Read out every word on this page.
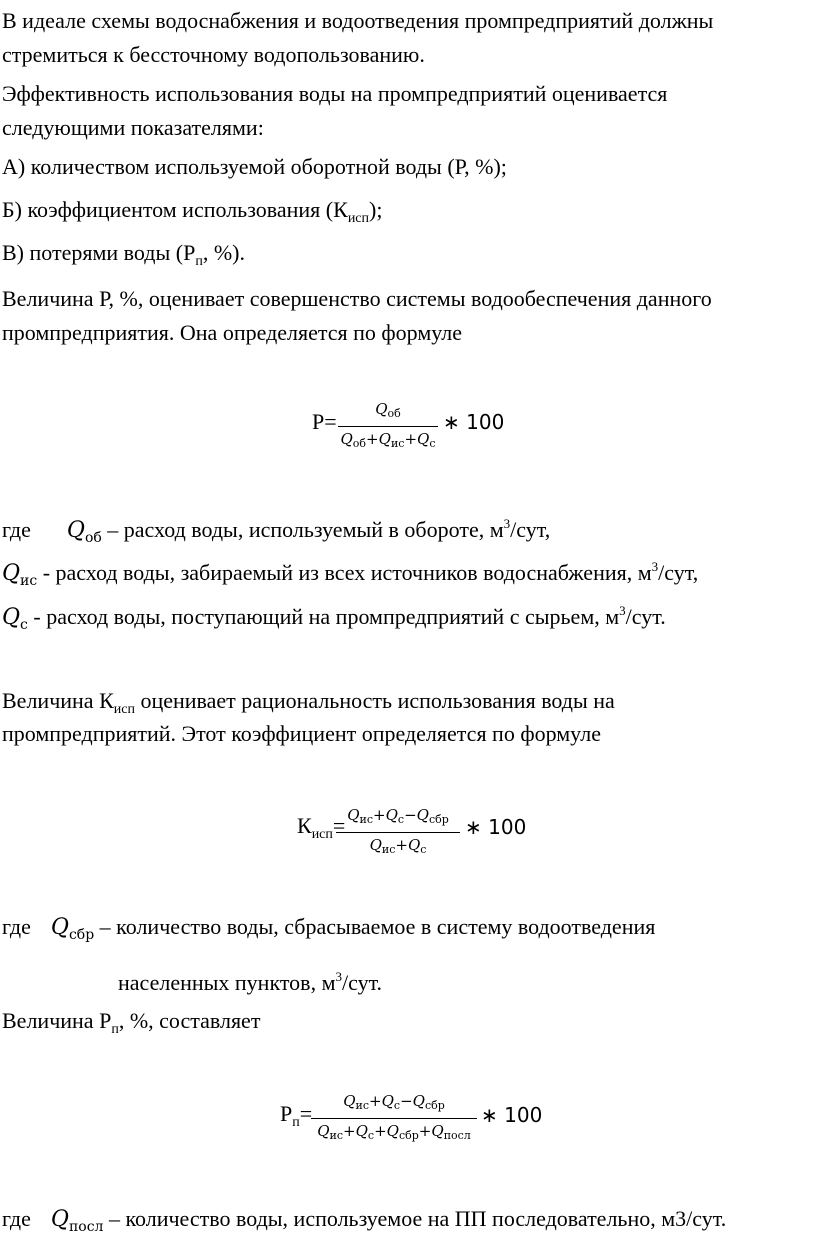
В идеале схемы водоснабжения и водоотведения промпредприятий должны
стремиться к бессточному водопользованию.
Эффективность использования воды на промпредприятий оценивается
следующими показателями:
А) количеством используемой оборотной воды (Р, %);
Б) коэффициентом использования $(К_{исп})$;
В) потерями воды ($Р_п$, %).
Величина Р, %, оценивает совершенство системы водообеспечения данного
промпредприятия. Она определяется по формуле
Р=	$Q_{об}$
$Q_{об}+Q_{ис}+Q_с$
∗ 100
где $Q_{об}$ – расход воды, используемый в обороте, $м^3$/сут,
$Q_{ис}$ - расход воды, забираемый из всех источников водоснабжения, $м^3$/сут,
$Q_с$ - расход воды, поступающий на промпредприятий с сырьем, $м^3$/сут.
Величина $К_{исп}$ оценивает рациональность использования воды на
промпредприятий. Этот коэффициент определяется по формуле
$К_{исп}= Q_{ис}+Q_с-Q_{сбр}$
$Q_{ис}+Q_с$
∗ 100
где $Q_{сбр}$ – количество воды, сбрасываемое в систему водоотведения
населенных пунктов, $м^3$/сут.
Величина $Р_п$, %, составляет
$Р_п=$	$Q_{ис}+Q_с-Q_{сбр}$
$Q_{ис}+Q_с+Q_{сбр}+Q_{посл}$
∗ 100
где $Q_{посл}$ – количество воды, используемое на ПП последовательно, м3/сут.
